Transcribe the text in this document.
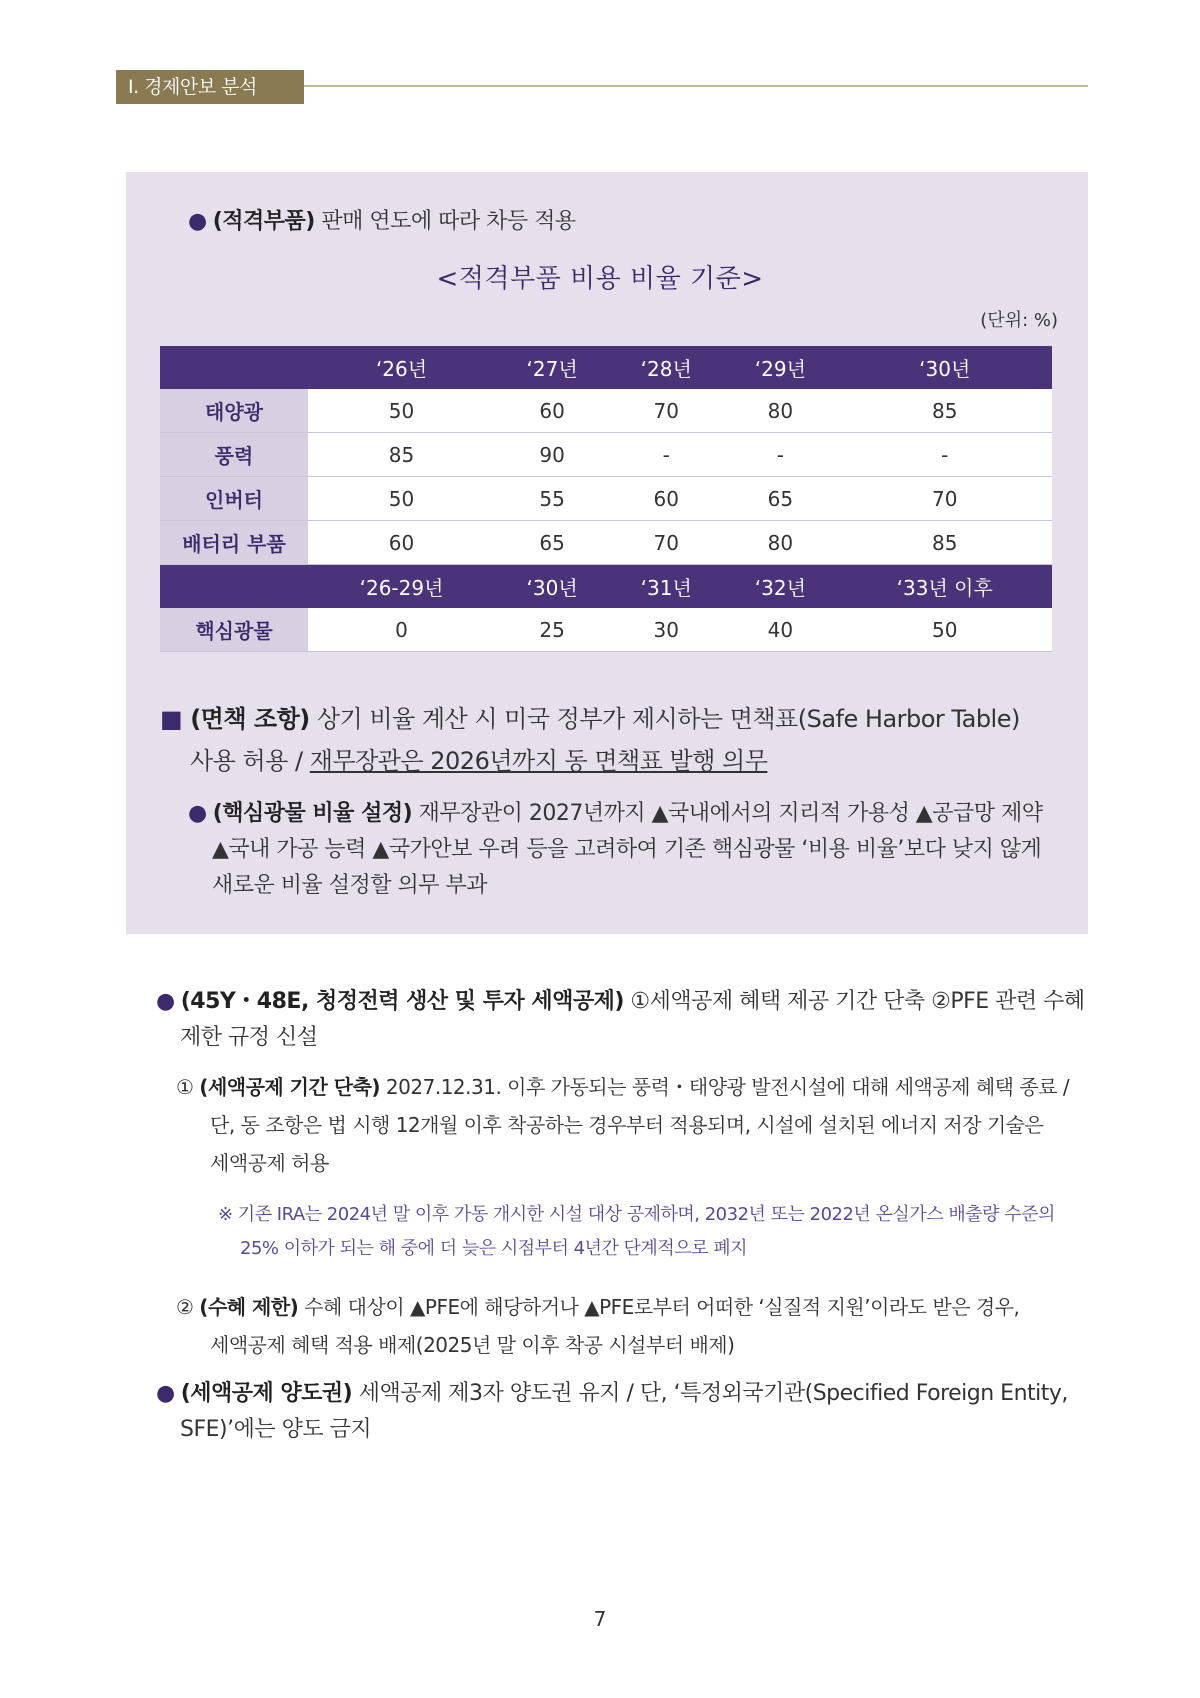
Ⅰ. 경제안보 분석
● (적격부품) 판매 연도에 따라 차등 적용
<적격부품 비용 비율 기준>
(단위: %)
	‘26년	‘27년	‘28년	‘29년	‘30년
태양광	50	60	70	80	85
풍력	85	90	-	-	-
인버터	50	55	60	65	70
배터리 부품	60	65	70	80	85
	‘26-29년	‘30년	‘31년	‘32년	‘33년 이후
핵심광물	0	25	30	40	50
■ (면책 조항) 상기 비율 계산 시 미국 정부가 제시하는 면책표(Safe Harbor Table)
사용 허용 / 재무장관은 2026년까지 동 면책표 발행 의무
● (핵심광물 비율 설정) 재무장관이 2027년까지 ▲국내에서의 지리적 가용성 ▲공급망 제약
▲국내 가공 능력 ▲국가안보 우려 등을 고려하여 기존 핵심광물 ‘비용 비율’보다 낮지 않게
새로운 비율 설정할 의무 부과
● (45Y・48E, 청정전력 생산 및 투자 세액공제) ①세액공제 혜택 제공 기간 단축 ②PFE 관련 수혜
제한 규정 신설
① (세액공제 기간 단축) 2027.12.31. 이후 가동되는 풍력・태양광 발전시설에 대해 세액공제 혜택 종료 /
단, 동 조항은 법 시행 12개월 이후 착공하는 경우부터 적용되며, 시설에 설치된 에너지 저장 기술은
세액공제 허용
※ 기존 IRA는 2024년 말 이후 가동 개시한 시설 대상 공제하며, 2032년 또는 2022년 온실가스 배출량 수준의
25% 이하가 되는 해 중에 더 늦은 시점부터 4년간 단계적으로 폐지
② (수혜 제한) 수혜 대상이 ▲PFE에 해당하거나 ▲PFE로부터 어떠한 ‘실질적 지원’이라도 받은 경우,
세액공제 혜택 적용 배제(2025년 말 이후 착공 시설부터 배제)
● (세액공제 양도권) 세액공제 제3자 양도권 유지 / 단, ‘특정외국기관(Specified Foreign Entity,
SFE)’에는 양도 금지
7
